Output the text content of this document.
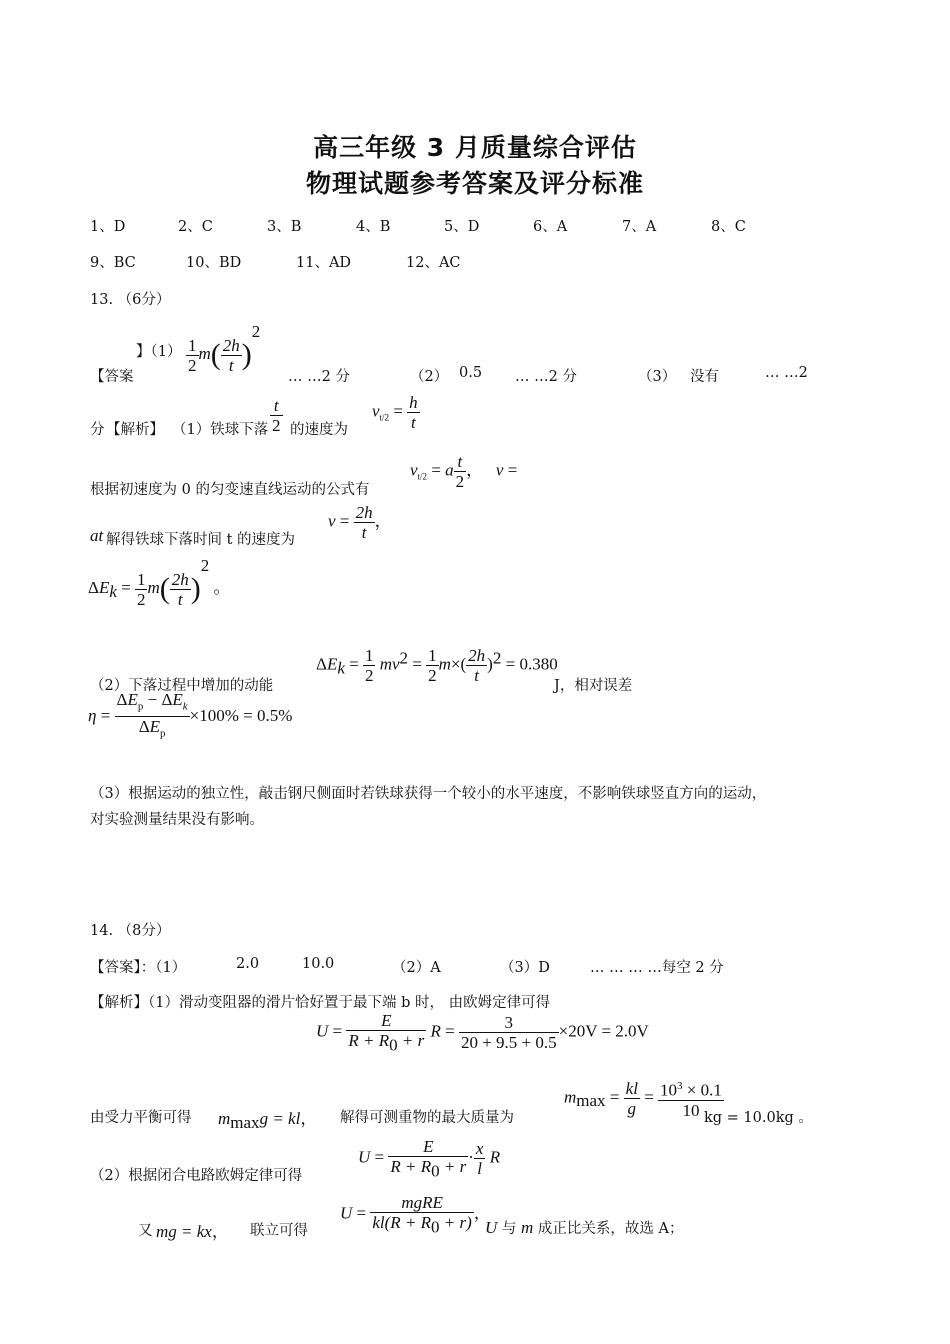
高三年级 3 月质量综合评估
物理试题参考答案及评分标准
1、D	2、C	3、B	4、B	5、D	6、A	7、A	8、C
9、BC	10、BD	11、AD	12、AC
13. （6分）
】$(1) \frac{1}{2} m( \frac{2h}{t} )^2$
【答案	… …2 分	（2） 0.5 … …2 分	（3） 没有	… …2
分 【解析】 （1）铁球下落 $\frac{t}{2}$ 的速度为
$v_{t/2} = \frac{h}{t}$
根据初速度为 0 的匀变速直线运动的公式有
$v_{t/2} = a \frac{t}{2}$ ，   v =
at 解得铁球下落时间 t 的速度为
$v = \frac{2h}{t}$ ，
$\Delta E_k = \frac{1}{2} m( \frac{2h}{t} )^2$ 。
（2）下落过程中增加的动能
$\Delta E_k = \frac{1}{2} mv^2 = \frac{1}{2} m\times( \frac{2h}{t} )^2 = 0.380$
J，相对误差
$\eta = \frac{\Delta E_p - \Delta E_k}{\Delta E_p} \times 100\% = 0.5\%$
（3）根据运动的独立性，敲击钢尺侧面时若铁球获得一个较小的水平速度，不影响铁球竖直方向的运动，
对实验测量结果没有影响。
14. （8分）
【答案】：（1）	2.0	10.0	（2）A	（3）D	… … … …每空 2 分
【解析】（1）滑动变阻器的滑片恰好置于最下端 b 时， 由欧姆定律可得
$U = \frac{E}{R + R_0 + r}$ $R = \frac{3}{20 + 9.5 + 0.5} \times 20V = 2.0V$
由受力平衡可得 $m_{max}g$ = kl， 解得可测重物的最大质量为
$m_{max} = \frac{kl}{g} = \frac{10^3 \times 0.1}{10}$
kg = 10.0kg 。
（2）根据闭合电路欧姆定律可得
$U = \frac{E}{R + R_0 + r} \cdot \frac{x}{l}$ R
又 mg = kx， 联立可得
$U = \frac{\text{mgRE}}{kl(R + R_0 + r)}$ ，
U 与 m 成正比关系，故选 A；
